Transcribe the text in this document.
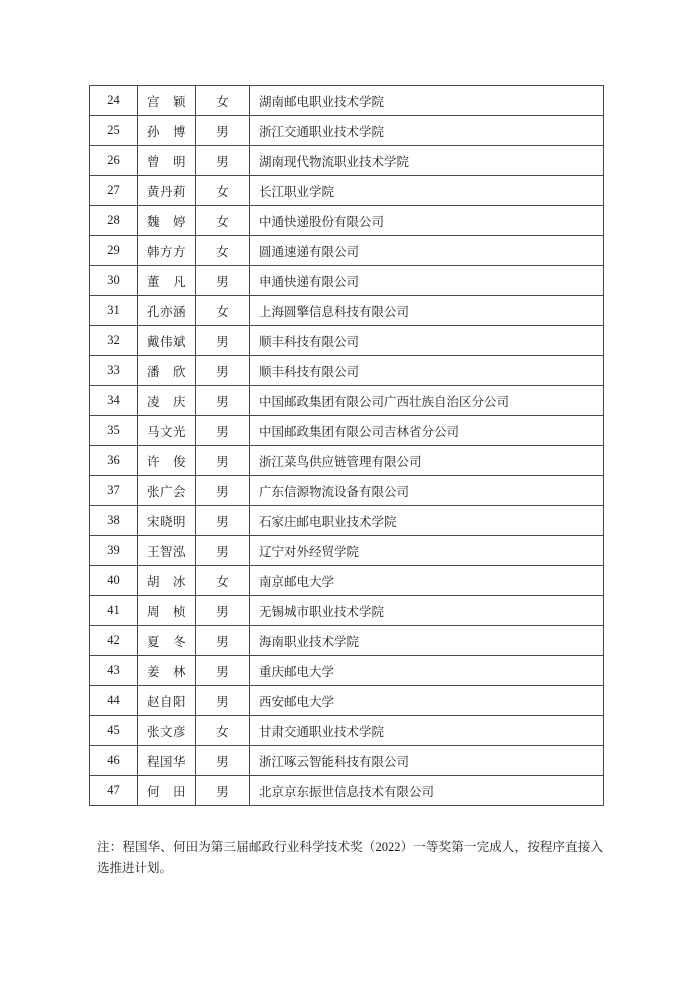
24	宫　颖	女	湖南邮电职业技术学院
25	孙　博	男	浙江交通职业技术学院
26	曾　明	男	湖南现代物流职业技术学院
27	黄丹莉	女	长江职业学院
28	魏　婷	女	中通快递股份有限公司
29	韩方方	女	圆通速递有限公司
30	董　凡	男	申通快递有限公司
31	孔亦涵	女	上海圆擎信息科技有限公司
32	戴伟斌	男	顺丰科技有限公司
33	潘　欣	男	顺丰科技有限公司
34	凌　庆	男	中国邮政集团有限公司广西壮族自治区分公司
35	马文光	男	中国邮政集团有限公司吉林省分公司
36	许　俊	男	浙江菜鸟供应链管理有限公司
37	张广会	男	广东信源物流设备有限公司
38	宋晓明	男	石家庄邮电职业技术学院
39	王智泓	男	辽宁对外经贸学院
40	胡　冰	女	南京邮电大学
41	周　桢	男	无锡城市职业技术学院
42	夏　冬	男	海南职业技术学院
43	姜　林	男	重庆邮电大学
44	赵自阳	男	西安邮电大学
45	张文彦	女	甘肃交通职业技术学院
46	程国华	男	浙江啄云智能科技有限公司
47	何　田	男	北京京东振世信息技术有限公司

注：程国华、何田为第三届邮政行业科学技术奖（2022）一等奖第一完成人，按程序直接入选推进计划。
